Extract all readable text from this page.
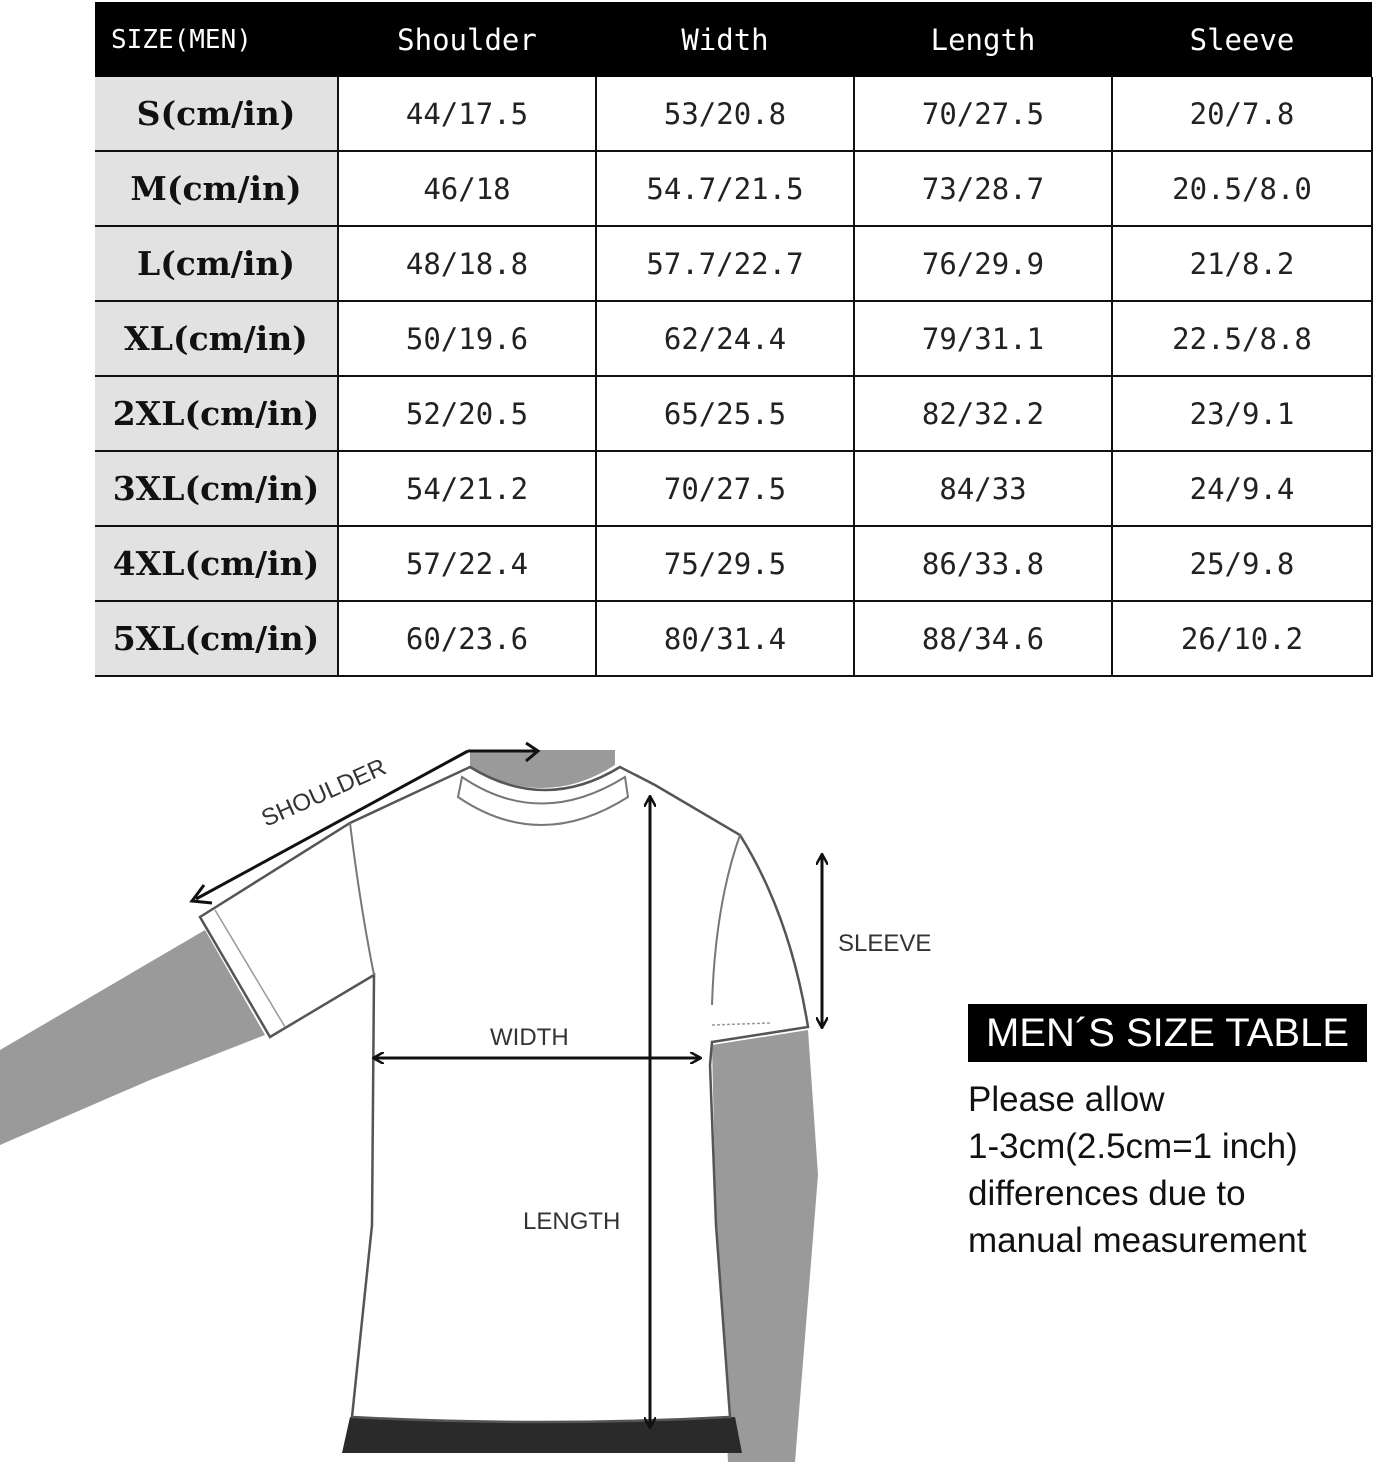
SIZE(MEN)	Shoulder	Width	Length	Sleeve
S(cm/in)	44/17.5	53/20.8	70/27.5	20/7.8
M(cm/in)	46/18	54.7/21.5	73/28.7	20.5/8.0
L(cm/in)	48/18.8	57.7/22.7	76/29.9	21/8.2
XL(cm/in)	50/19.6	62/24.4	79/31.1	22.5/8.8
2XL(cm/in)	52/20.5	65/25.5	82/32.2	23/9.1
3XL(cm/in)	54/21.2	70/27.5	84/33	24/9.4
4XL(cm/in)	57/22.4	75/29.5	86/33.8	25/9.8
5XL(cm/in)	60/23.6	80/31.4	88/34.6	26/10.2
SHOULDER
WIDTH
LENGTH
SLEEVE
MEN´S SIZE TABLE
Please allow
1-3cm(2.5cm=1 inch)
differences due to
manual measurement
